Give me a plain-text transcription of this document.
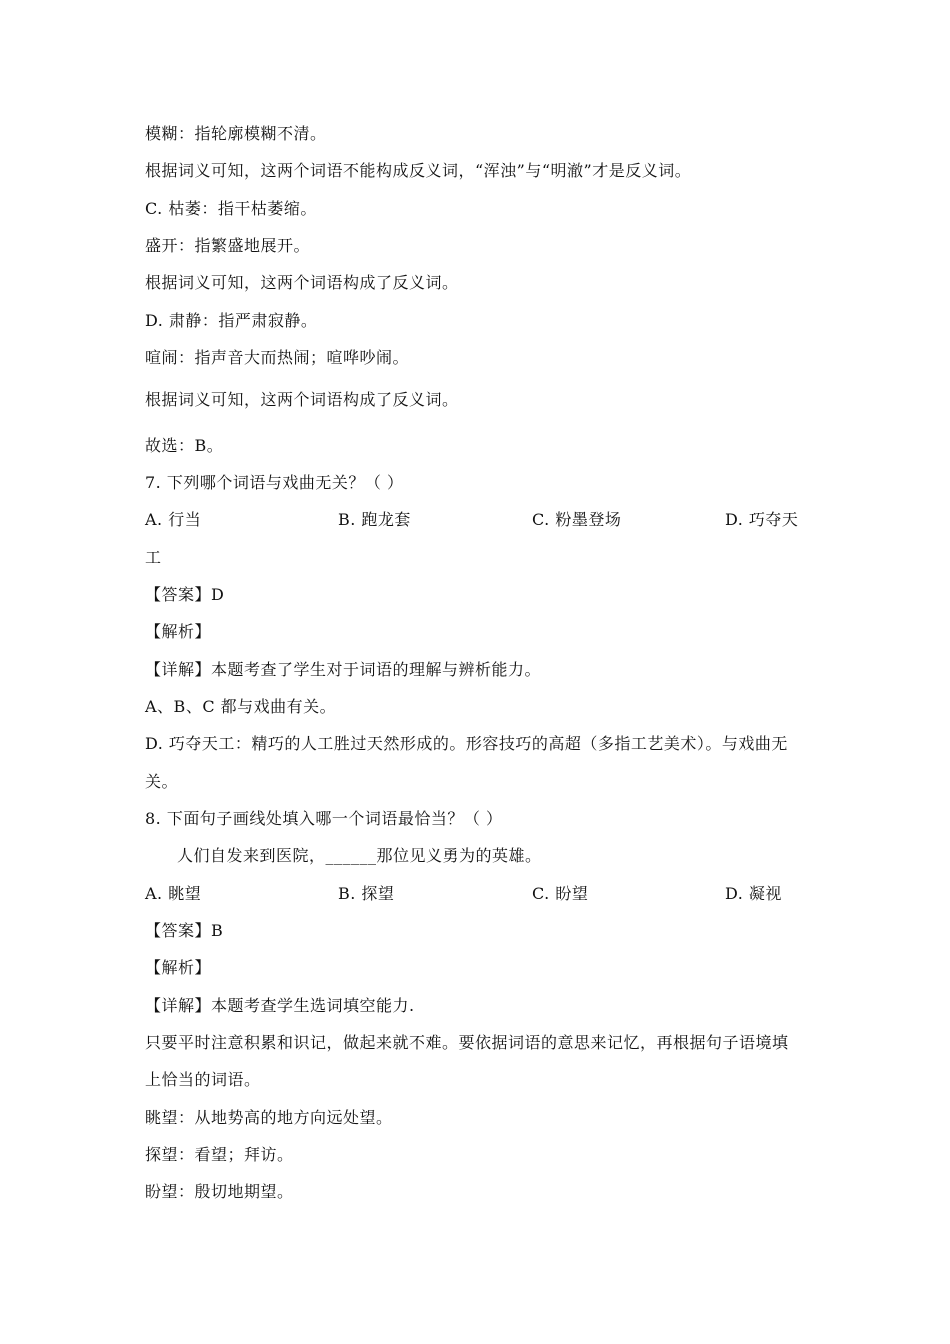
模糊：指轮廓模糊不清。
根据词义可知，这两个词语不能构成反义词，“浑浊”与“明澈”才是反义词。
C. 枯萎：指干枯萎缩。
盛开：指繁盛地展开。
根据词义可知，这两个词语构成了反义词。
D. 肃静：指严肃寂静。
喧闹：指声音大而热闹；喧哗吵闹。
根据词义可知，这两个词语构成了反义词。
故选：B。
7. 下列哪个词语与戏曲无关？（ ）
A. 行当	B. 跑龙套	C. 粉墨登场	D. 巧夺天
工
【答案】D
【解析】
【详解】本题考查了学生对于词语的理解与辨析能力。
A、B、C 都与戏曲有关。
D. 巧夺天工：精巧的人工胜过天然形成的。形容技巧的高超（多指工艺美术）。与戏曲无
关。
8. 下面句子画线处填入哪一个词语最恰当？（ ）
人们自发来到医院，______那位见义勇为的英雄。
A. 眺望	B. 探望	C. 盼望	D. 凝视
【答案】B
【解析】
【详解】本题考查学生选词填空能力.
只要平时注意积累和识记，做起来就不难。要依据词语的意思来记忆，再根据句子语境填
上恰当的词语。
眺望：从地势高的地方向远处望。
探望：看望；拜访。
盼望：殷切地期望。
